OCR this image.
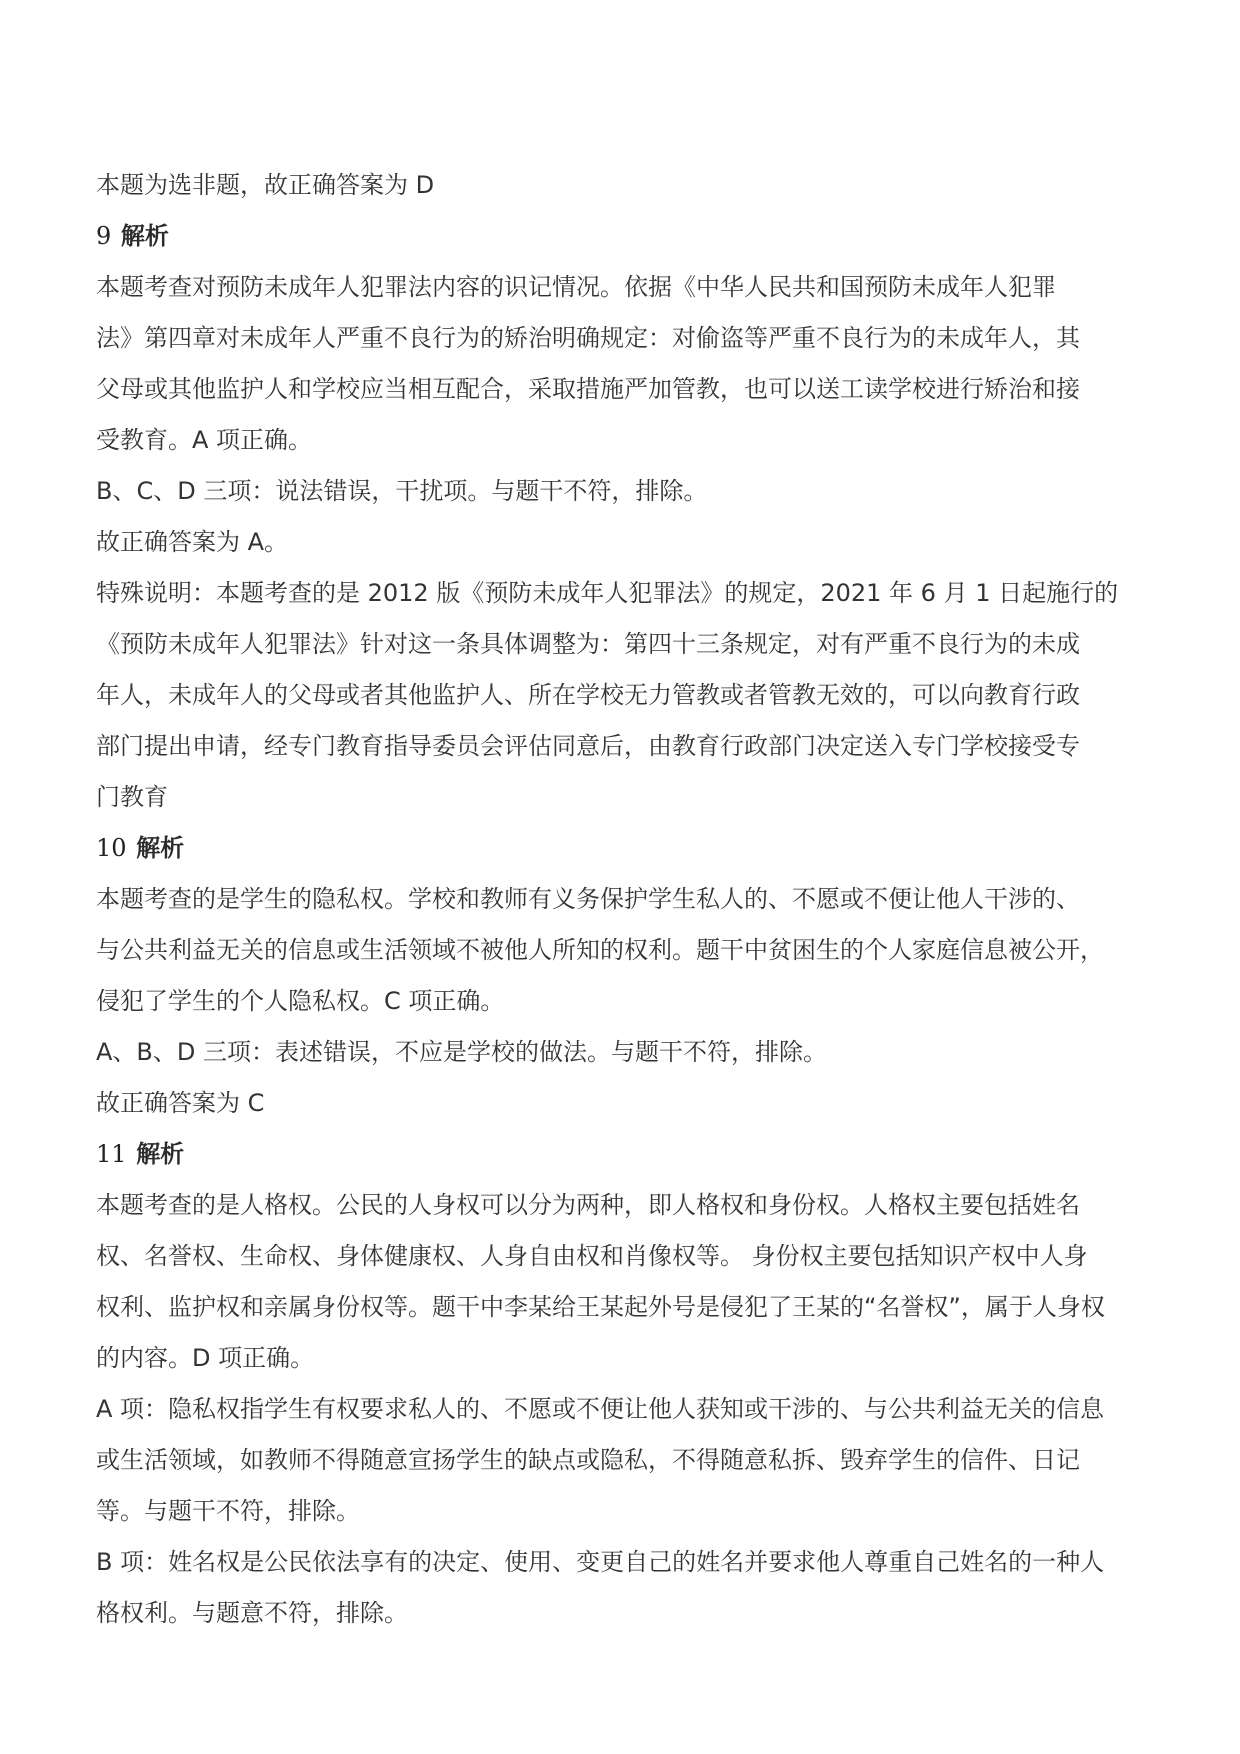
本题为选非题，故正确答案为 D

9 解析

本题考查对预防未成年人犯罪法内容的识记情况。依据《中华人民共和国预防未成年人犯罪

法》第四章对未成年人严重不良行为的矫治明确规定：对偷盗等严重不良行为的未成年人，其

父母或其他监护人和学校应当相互配合，采取措施严加管教，也可以送工读学校进行矫治和接

受教育。A 项正确。

B、C、D 三项：说法错误，干扰项。与题干不符，排除。

故正确答案为 A。

特殊说明：本题考查的是 2012 版《预防未成年人犯罪法》的规定，2021 年 6 月 1 日起施行的

《预防未成年人犯罪法》针对这一条具体调整为：第四十三条规定，对有严重不良行为的未成

年人，未成年人的父母或者其他监护人、所在学校无力管教或者管教无效的，可以向教育行政

部门提出申请，经专门教育指导委员会评估同意后，由教育行政部门决定送入专门学校接受专

门教育

10 解析

本题考查的是学生的隐私权。学校和教师有义务保护学生私人的、不愿或不便让他人干涉的、

与公共利益无关的信息或生活领域不被他人所知的权利。题干中贫困生的个人家庭信息被公开，

侵犯了学生的个人隐私权。C 项正确。

A、B、D 三项：表述错误，不应是学校的做法。与题干不符，排除。

故正确答案为 C

11 解析

本题考查的是人格权。公民的人身权可以分为两种，即人格权和身份权。人格权主要包括姓名

权、名誉权、生命权、身体健康权、人身自由权和肖像权等。 身份权主要包括知识产权中人身

权利、监护权和亲属身份权等。题干中李某给王某起外号是侵犯了王某的“名誉权”，属于人身权

的内容。D 项正确。

A 项：隐私权指学生有权要求私人的、不愿或不便让他人获知或干涉的、与公共利益无关的信息

或生活领域，如教师不得随意宣扬学生的缺点或隐私，不得随意私拆、毁弃学生的信件、日记

等。与题干不符，排除。

B 项：姓名权是公民依法享有的决定、使用、变更自己的姓名并要求他人尊重自己姓名的一种人

格权利。与题意不符，排除。
